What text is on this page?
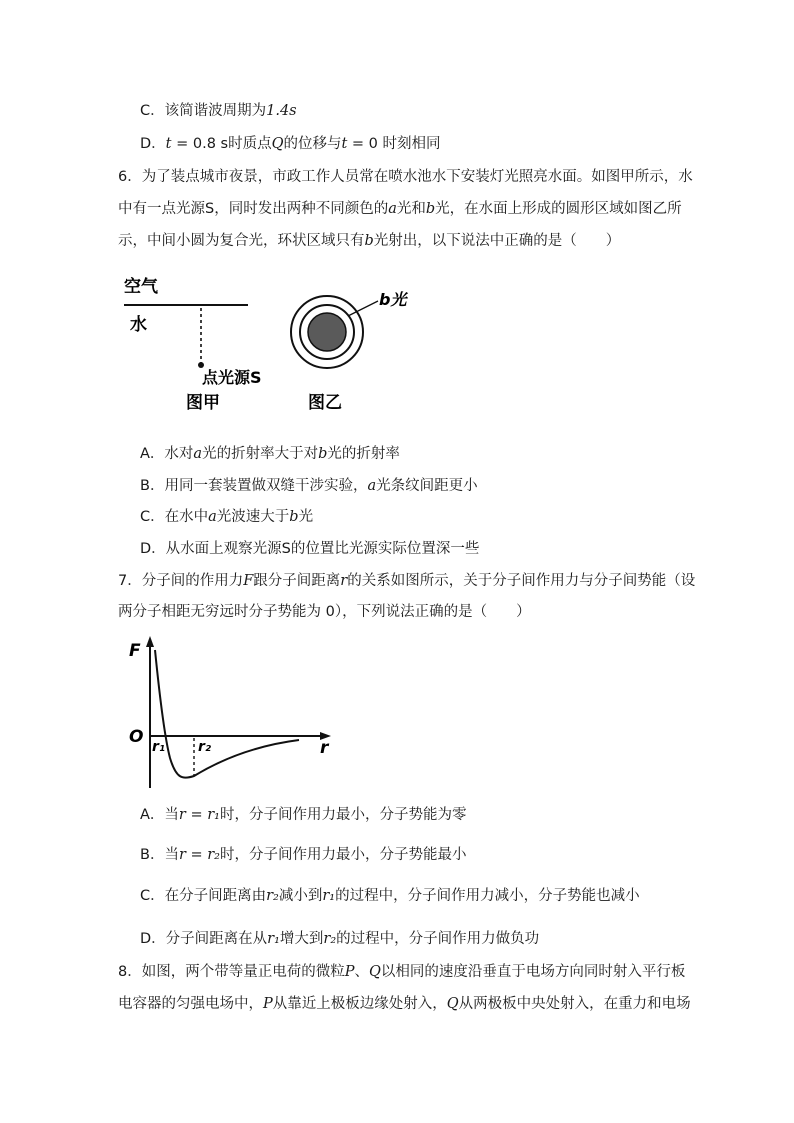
C．该简谐波周期为1.4s
D．t = 0.8 s时质点Q的位移与t = 0 时刻相同
6．为了装点城市夜景，市政工作人员常在喷水池水下安装灯光照亮水面。如图甲所示，水
中有一点光源S，同时发出两种不同颜色的a光和b光，在水面上形成的圆形区域如图乙所
示，中间小圆为复合光，环状区域只有b光射出，以下说法中正确的是（　　）
空气
水
点光源S
图甲
b光
图乙
A．水对a光的折射率大于对b光的折射率
B．用同一套装置做双缝干涉实验，a光条纹间距更小
C．在水中a光波速大于b光
D．从水面上观察光源S的位置比光源实际位置深一些
7．分子间的作用力F跟分子间距离r的关系如图所示，关于分子间作用力与分子间势能（设
两分子相距无穷远时分子势能为 0），下列说法正确的是（　　）
F
r
O r₁ r₂
A．当r = r₁时，分子间作用力最小，分子势能为零
B．当r = r₂时，分子间作用力最小，分子势能最小
C．在分子间距离由r₂减小到r₁的过程中，分子间作用力减小，分子势能也减小
D．分子间距离在从r₁增大到r₂的过程中，分子间作用力做负功
8．如图，两个带等量正电荷的微粒P、Q以相同的速度沿垂直于电场方向同时射入平行板
电容器的匀强电场中，P从靠近上极板边缘处射入，Q从两极板中央处射入，在重力和电场
